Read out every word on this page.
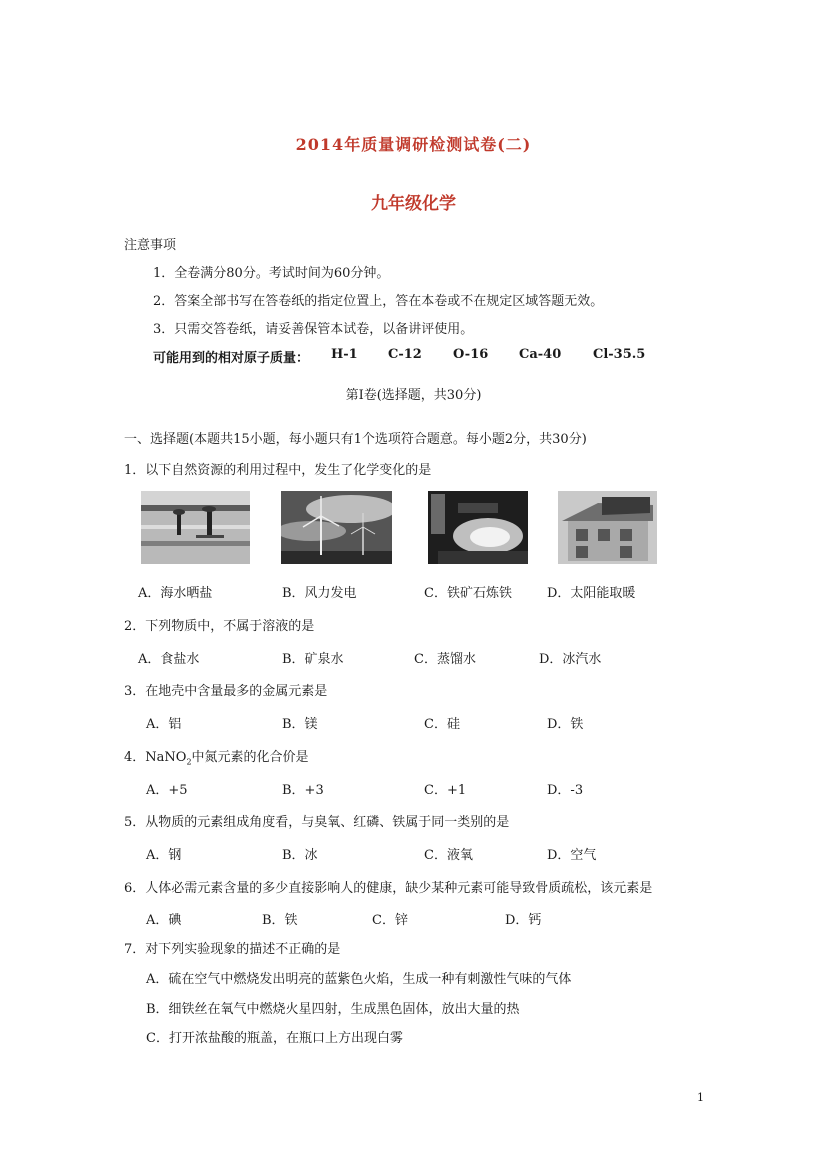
2014年质量调研检测试卷(二)
九年级化学
注意事项
1．全卷满分80分。考试时间为60分钟。
2．答案全部书写在答卷纸的指定位置上，答在本卷或不在规定区域答题无效。
3．只需交答卷纸，请妥善保管本试卷，以备讲评使用。
可能用到的相对原子质量： H-1 C-12 O-16 Ca-40 Cl-35.5
第Ⅰ卷(选择题，共30分)
一、选择题(本题共15小题，每小题只有1个选项符合题意。每小题2分，共30分)
1．以下自然资源的利用过程中，发生了化学变化的是
A．海水晒盐	B．风力发电	C．铁矿石炼铁	D．太阳能取暖
2．下列物质中，不属于溶液的是
A．食盐水	B．矿泉水	C．蒸馏水	D．冰汽水
3．在地壳中含量最多的金属元素是
A．铝	B．镁	C．硅	D．铁
4．NaNO$_2$中氮元素的化合价是
A．+5	B．+3	C．+1	D．-3
5．从物质的元素组成角度看，与臭氧、红磷、铁属于同一类别的是
A．钢	B．冰	C．液氧	D．空气
6．人体必需元素含量的多少直接影响人的健康，缺少某种元素可能导致骨质疏松，该元素是
A．碘	B．铁	C．锌	D．钙
7．对下列实验现象的描述不正确的是
A．硫在空气中燃烧发出明亮的蓝紫色火焰，生成一种有刺激性气味的气体
B．细铁丝在氧气中燃烧火星四射，生成黑色固体，放出大量的热
C．打开浓盐酸的瓶盖，在瓶口上方出现白雾
1
